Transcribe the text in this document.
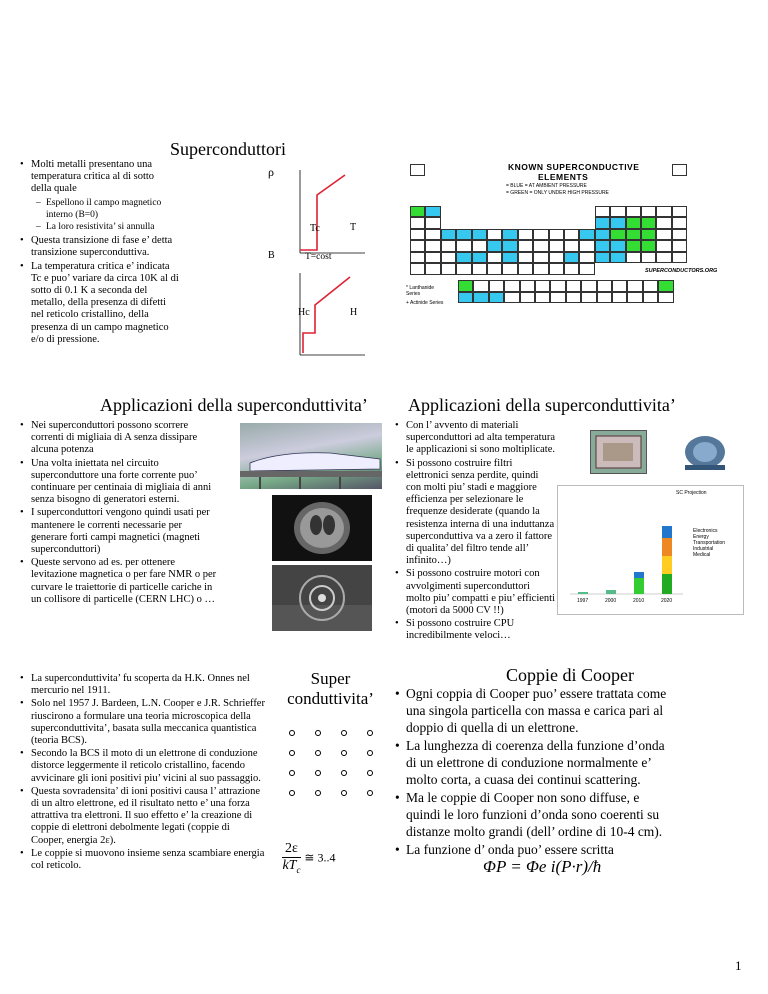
Superconduttori
• Molti metalli presentano una temperatura critica al di sotto della quale
– Espellono il campo magnetico interno (B=0)
– La loro resistivita’ si annulla
• Questa transizione di fase e’ detta transizione superconduttiva.
• La temperatura critica e’ indicata Tc e puo’ variare da circa 10K al di sotto di 0.1 K a seconda del metallo, della presenza di difetti nel reticolo cristallino, della presenza di un campo magnetico e/o di pressione.
ρ
Tc	T
B	T=cost
Hc	H
KNOWN SUPERCONDUCTIVE
ELEMENTS
= BLUE = AT AMBIENT PRESSURE
= GREEN = ONLY UNDER HIGH PRESSURE
SUPERCONDUCTORS.ORG
* Lanthanide Series
+ Actinide Series
Applicazioni della superconduttivita’
• Nei superconduttori possono scorrere correnti di migliaia di A senza dissipare alcuna potenza
• Una volta iniettata nel circuito superconduttore una forte corrente puo’ continuare per centinaia di migliaia di anni senza bisogno di generatori esterni.
• I superconduttori vengono quindi usati per mantenere le correnti necessarie per generare forti campi magnetici (magneti superconduttori)
• Queste servono ad es. per ottenere levitazione magnetica o per fare NMR o per curvare le traiettorie di particelle cariche in un collisore di particelle (CERN LHC) o …
Applicazioni della superconduttivita’
• Con l’ avvento di materiali superconduttori ad alta temperatura le applicazioni si sono moltiplicate.
• Si possono costruire filtri elettronici senza perdite, quindi con molti piu’ stadi e maggiore efficienza per selezionare le frequenze desiderate (quando la resistenza interna di una induttanza superconduttiva va a zero il fattore di qualita’ del filtro tende all’ infinito…)
• Si possono costruire motori con avvolgimenti superconduttori molto piu’ compatti e piu’ efficienti (motori da 5000 CV !!)
• Si possono costruire CPU incredibilmente veloci…
SC Projection
Electronics
Energy
Transportation
Industrial
Medical
1997	2000	2010	2020
• La superconduttivita’ fu scoperta da H.K. Onnes nel mercurio nel 1911.
• Solo nel 1957 J. Bardeen, L.N. Cooper e J.R. Schrieffer riuscirono a formulare una teoria microscopica della superconduttivita’, basata sulla meccanica quantistica (teoria BCS).
• Secondo la BCS il moto di un elettrone di conduzione distorce leggermente il reticolo cristallino, facendo avvicinare gli ioni positivi piu’ vicini al suo passaggio.
• Questa sovradensita’ di ioni positivi causa l’ attrazione di un altro elettrone, ed il risultato netto e’ una forza attrattiva tra elettroni. Il suo effetto e’ la creazione di coppie di elettroni debolmente legati (coppie di Cooper, energia 2ε).
• Le coppie si muovono insieme senza scambiare energia col reticolo.
Super
conduttivita’
2ε
$kT_c$
≅ 3..4
Coppie di Cooper
• Ogni coppia di Cooper puo’ essere trattata come una singola particella con massa e carica pari al doppio di quella di un elettrone.
• La lunghezza di coerenza della funzione d’onda di un elettrone di conduzione normalmente e’ molto corta, a cuasa dei continui scattering.
• Ma le coppie di Cooper non sono diffuse, e quindi le loro funzioni d’onda sono coerenti su distanze molto grandi (dell’ ordine di 10-4 cm).
• La funzione d’ onda puo’ essere scritta
ΦP = Φe i(P·r)/ħ
1
